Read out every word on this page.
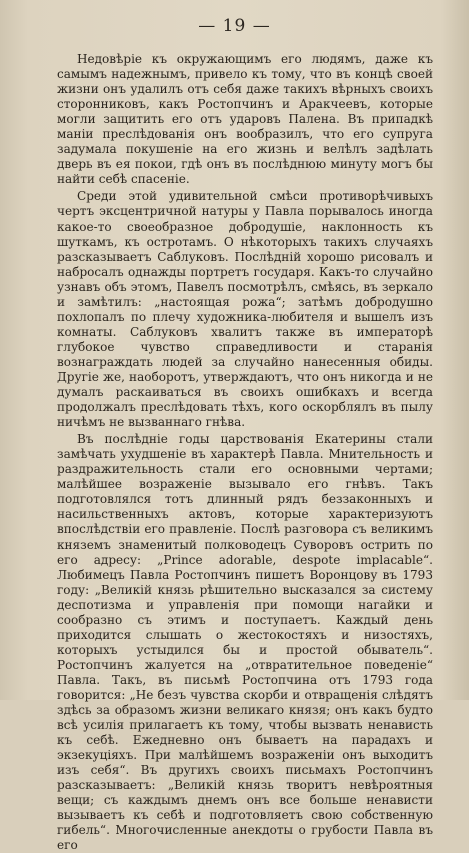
— 19 —

Недовѣріе къ окружающимъ его людямъ, даже къ самымъ надежнымъ, привело къ тому, что въ концѣ своей жизни онъ удалилъ отъ себя даже такихъ вѣрныхъ своихъ сторонниковъ, какъ Ростопчинъ и Аракчеевъ, которые могли защитить его отъ ударовъ Палена. Въ припадкѣ маніи преслѣдованія онъ вообразилъ, что его супруга задумала покушеніе на его жизнь и велѣлъ задѣлать дверь въ ея покои, гдѣ онъ въ послѣднюю минуту могъ бы найти себѣ спасеніе.

Среди этой удивительной смѣси противорѣчивыхъ чертъ эксцентричной натуры у Павла порывалось иногда какое-то своеобразное добродушіе, наклонность къ шуткамъ, къ остротамъ. О нѣкоторыхъ такихъ случаяхъ разсказываетъ Саблуковъ. Послѣдній хорошо рисовалъ и набросалъ однажды портретъ государя. Какъ-то случайно узнавъ объ этомъ, Павелъ посмотрѣлъ, смѣясь, въ зеркало и замѣтилъ: „настоящая рожа“; затѣмъ добродушно похлопалъ по плечу художника-любителя и вышелъ изъ комнаты. Саблуковъ хвалитъ также въ императорѣ глубокое чувство справедливости и старанія вознаграждать людей за случайно нанесенныя обиды. Другіе же, наоборотъ, утверждаютъ, что онъ никогда и не думалъ раскаиваться въ своихъ ошибкахъ и всегда продолжалъ преслѣдовать тѣхъ, кого оскорблялъ въ пылу ничѣмъ не вызваннаго гнѣва.

Въ послѣдніе годы царствованія Екатерины стали замѣчать ухудшеніе въ характерѣ Павла. Мнительность и раздражительность стали его основными чертами; малѣйшее возраженіе вызывало его гнѣвъ. Такъ подготовлялся тотъ длинный рядъ беззаконныхъ и насильственныхъ актовъ, которые характеризуютъ впослѣдствіи его правленіе. Послѣ разговора съ великимъ княземъ знаменитый полководецъ Суворовъ острить по его адресу: „Prince adorable, despote implacable“. Любимецъ Павла Ростопчинъ пишетъ Воронцову въ 1793 году: „Великій князь рѣшительно высказался за систему деспотизма и управленія при помощи нагайки и сообразно съ этимъ и поступаетъ. Каждый день приходится слышать о жестокостяхъ и низостяхъ, которыхъ устыдился бы и простой обыватель“. Ростопчинъ жалуется на „отвратительное поведеніе“ Павла. Такъ, въ письмѣ Ростопчина отъ 1793 года говорится: „Не безъ чувства скорби и отвращенія слѣдятъ здѣсь за образомъ жизни великаго князя; онъ какъ будто всѣ усилія прилагаетъ къ тому, чтобы вызвать ненависть къ себѣ. Ежедневно онъ бываетъ на парадахъ и экзекуціяхъ. При малѣйшемъ возраженіи онъ выходитъ изъ себя“. Въ другихъ своихъ письмахъ Ростопчинъ разсказываетъ: „Великій князь творитъ невѣроятныя вещи; съ каждымъ днемъ онъ все больше ненависти вызываетъ къ себѣ и подготовляетъ свою собственную гибель“. Многочисленные анекдоты о грубости Павла въ его
